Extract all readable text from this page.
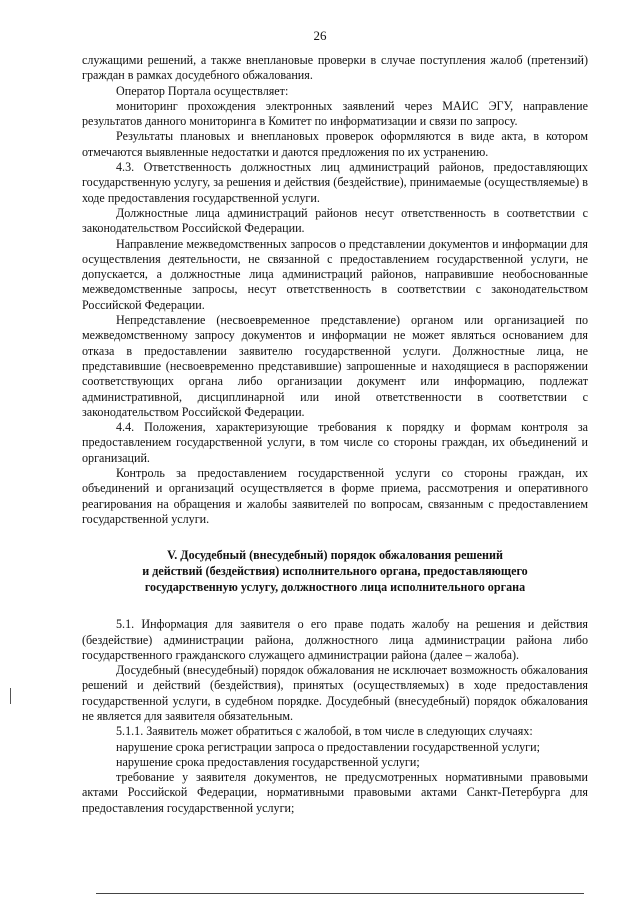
26

служащими решений, а также внеплановые проверки в случае поступления жалоб (претензий) граждан в рамках досудебного обжалования.

Оператор Портала осуществляет:

мониторинг прохождения электронных заявлений через МАИС ЭГУ, направление результатов данного мониторинга в Комитет по информатизации и связи по запросу.

Результаты плановых и внеплановых проверок оформляются в виде акта, в котором отмечаются выявленные недостатки и даются предложения по их устранению.

4.3. Ответственность должностных лиц администраций районов, предоставляющих государственную услугу, за решения и действия (бездействие), принимаемые (осуществляемые) в ходе предоставления государственной услуги.

Должностные лица администраций районов несут ответственность в соответствии с законодательством Российской Федерации.

Направление межведомственных запросов о представлении документов и информации для осуществления деятельности, не связанной с предоставлением государственной услуги, не допускается, а должностные лица администраций районов, направившие необоснованные межведомственные запросы, несут ответственность в соответствии с законодательством Российской Федерации.

Непредставление (несвоевременное представление) органом или организацией по межведомственному запросу документов и информации не может являться основанием для отказа в предоставлении заявителю государственной услуги. Должностные лица, не представившие (несвоевременно представившие) запрошенные и находящиеся в распоряжении соответствующих органа либо организации документ или информацию, подлежат административной, дисциплинарной или иной ответственности в соответствии с законодательством Российской Федерации.

4.4. Положения, характеризующие требования к порядку и формам контроля за предоставлением государственной услуги, в том числе со стороны граждан, их объединений и организаций.

Контроль за предоставлением государственной услуги со стороны граждан, их объединений и организаций осуществляется в форме приема, рассмотрения и оперативного реагирования на обращения и жалобы заявителей по вопросам, связанным с предоставлением государственной услуги.

V. Досудебный (внесудебный) порядок обжалования решений
и действий (бездействия) исполнительного органа, предоставляющего
государственную услугу, должностного лица исполнительного органа

5.1. Информация для заявителя о его праве подать жалобу на решения и действия (бездействие) администрации района, должностного лица администрации района либо государственного гражданского служащего администрации района (далее – жалоба).

Досудебный (внесудебный) порядок обжалования не исключает возможность обжалования решений и действий (бездействия), принятых (осуществляемых) в ходе предоставления государственной услуги, в судебном порядке. Досудебный (внесудебный) порядок обжалования не является для заявителя обязательным.

5.1.1. Заявитель может обратиться с жалобой, в том числе в следующих случаях:

нарушение срока регистрации запроса о предоставлении государственной услуги;

нарушение срока предоставления государственной услуги;

требование у заявителя документов, не предусмотренных нормативными правовыми актами Российской Федерации, нормативными правовыми актами Санкт-Петербурга для предоставления государственной услуги;
